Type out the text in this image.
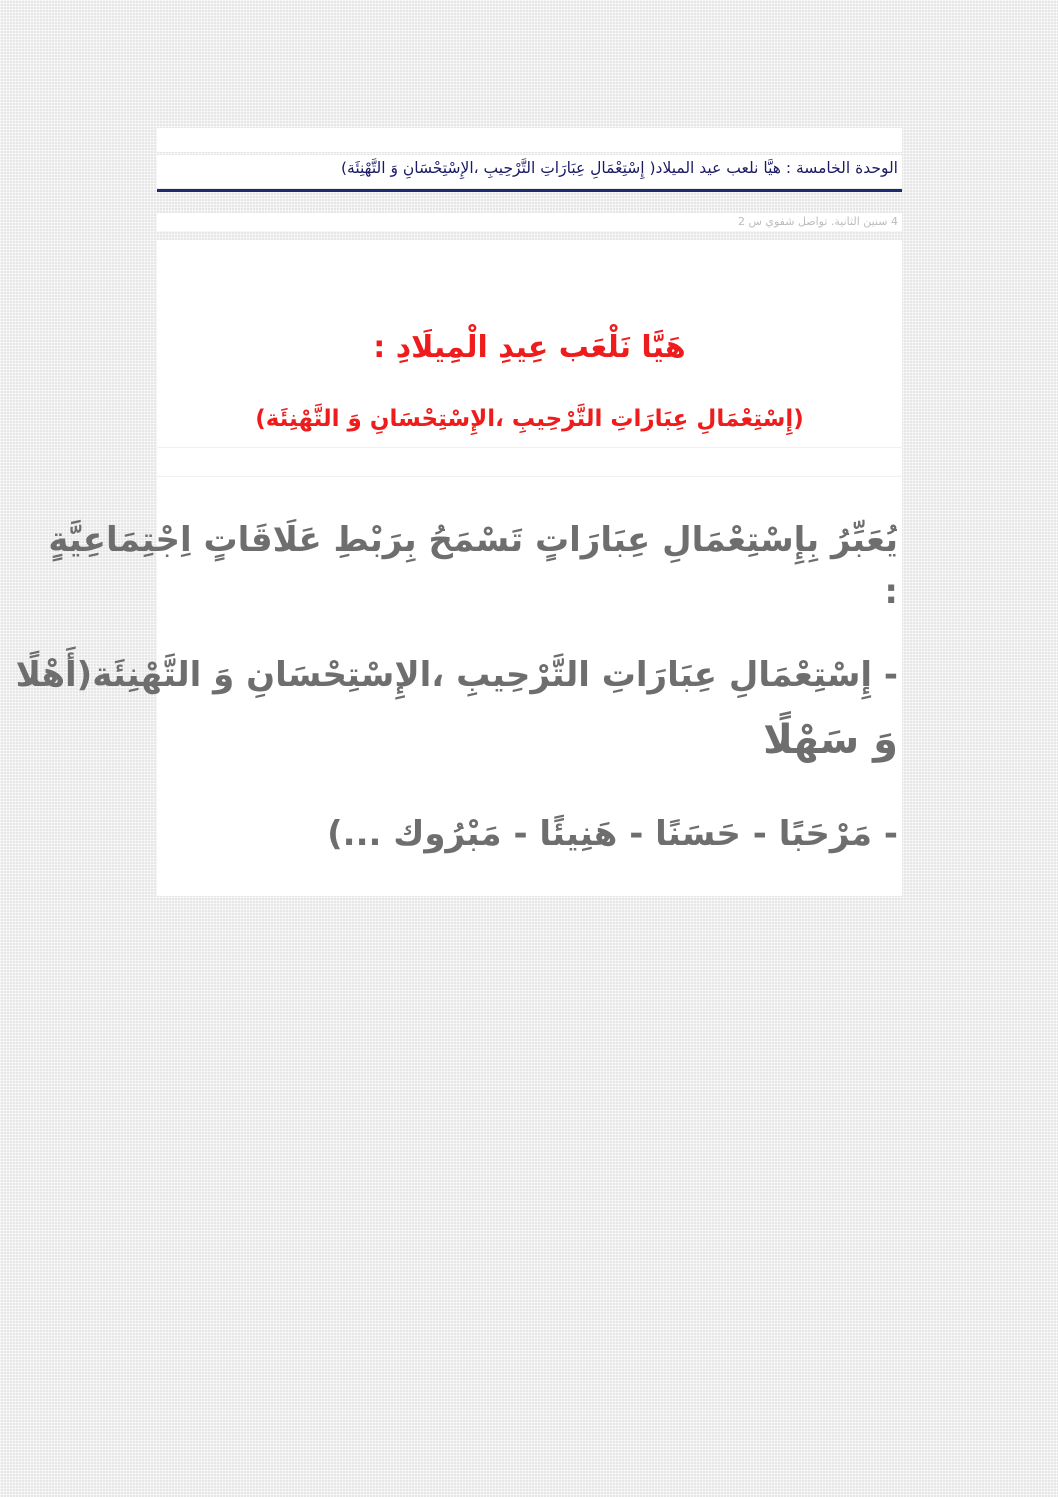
الوحدة الخامسة : هيَّا نلعب عيد الميلاد( إِسْتِعْمَالِ عِبَارَاتِ التَّرْحِيبِ ،الإِسْتِحْسَانِ وَ التَّهْنِئَة)
4 سنين الثانية. تواصل شفوي س 2
هَيَّا نَلْعَب عِيدِ الْمِيلَادِ :
(إِسْتِعْمَالِ عِبَارَاتِ التَّرْحِيبِ ،الإِسْتِحْسَانِ وَ التَّهْنِئَة)
يُعَبِّرُ بِإِسْتِعْمَالِ عِبَارَاتٍ تَسْمَحُ بِرَبْطِ عَلَاقَاتٍ اِجْتِمَاعِيَّةٍ
:
- إِسْتِعْمَالِ عِبَارَاتِ التَّرْحِيبِ ،الإِسْتِحْسَانِ وَ التَّهْنِئَة(أَهْلًا
وَ سَهْلًا
- مَرْحَبًا - حَسَنًا - هَنِيئًا - مَبْرُوك ...)
